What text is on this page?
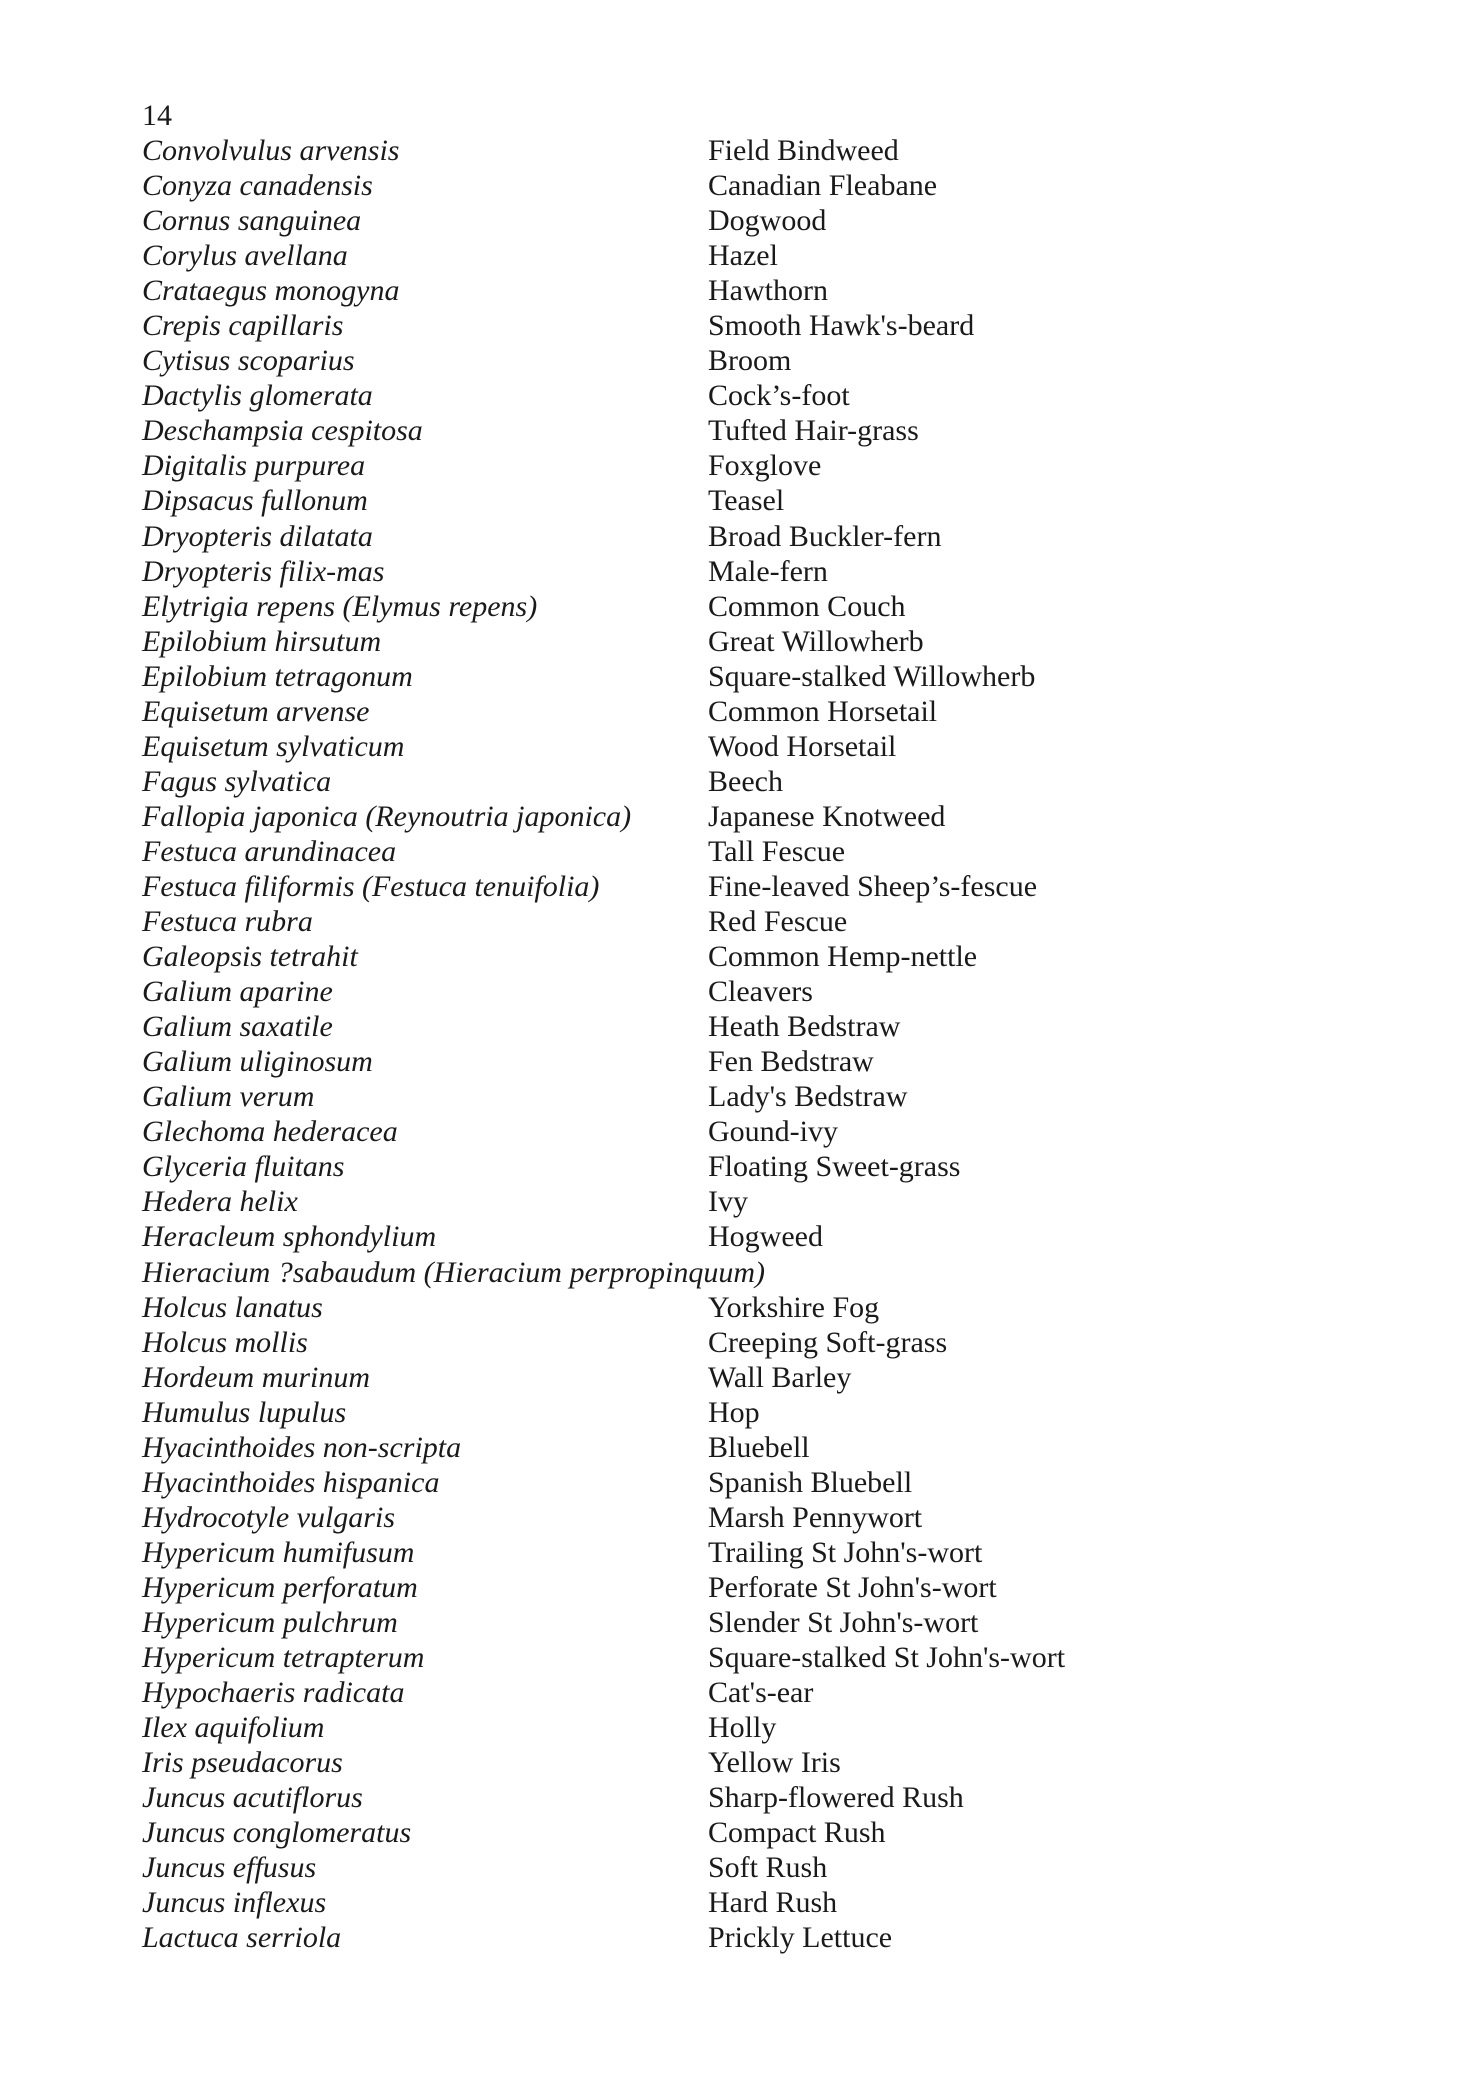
14
Convolvulus arvensis	Field Bindweed
Conyza canadensis	Canadian Fleabane
Cornus sanguinea	Dogwood
Corylus avellana	Hazel
Crataegus monogyna	Hawthorn
Crepis capillaris	Smooth Hawk's-beard
Cytisus scoparius	Broom
Dactylis glomerata	Cock’s-foot
Deschampsia cespitosa	Tufted Hair-grass
Digitalis purpurea	Foxglove
Dipsacus fullonum	Teasel
Dryopteris dilatata	Broad Buckler-fern
Dryopteris filix-mas	Male-fern
Elytrigia repens (Elymus repens)	Common Couch
Epilobium hirsutum	Great Willowherb
Epilobium tetragonum	Square-stalked Willowherb
Equisetum arvense	Common Horsetail
Equisetum sylvaticum	Wood Horsetail
Fagus sylvatica	Beech
Fallopia japonica (Reynoutria japonica)	Japanese Knotweed
Festuca arundinacea	Tall Fescue
Festuca filiformis (Festuca tenuifolia)	Fine-leaved Sheep’s-fescue
Festuca rubra	Red Fescue
Galeopsis tetrahit	Common Hemp-nettle
Galium aparine	Cleavers
Galium saxatile	Heath Bedstraw
Galium uliginosum	Fen Bedstraw
Galium verum	Lady's Bedstraw
Glechoma hederacea	Gound-ivy
Glyceria fluitans	Floating Sweet-grass
Hedera helix	Ivy
Heracleum sphondylium	Hogweed
Hieracium ?sabaudum (Hieracium perpropinquum)
Holcus lanatus	Yorkshire Fog
Holcus mollis	Creeping Soft-grass
Hordeum murinum	Wall Barley
Humulus lupulus	Hop
Hyacinthoides non-scripta	Bluebell
Hyacinthoides hispanica	Spanish Bluebell
Hydrocotyle vulgaris	Marsh Pennywort
Hypericum humifusum	Trailing St John's-wort
Hypericum perforatum	Perforate St John's-wort
Hypericum pulchrum	Slender St John's-wort
Hypericum tetrapterum	Square-stalked St John's-wort
Hypochaeris radicata	Cat's-ear
Ilex aquifolium	Holly
Iris pseudacorus	Yellow Iris
Juncus acutiflorus	Sharp-flowered Rush
Juncus conglomeratus	Compact Rush
Juncus effusus	Soft Rush
Juncus inflexus	Hard Rush
Lactuca serriola	Prickly Lettuce
